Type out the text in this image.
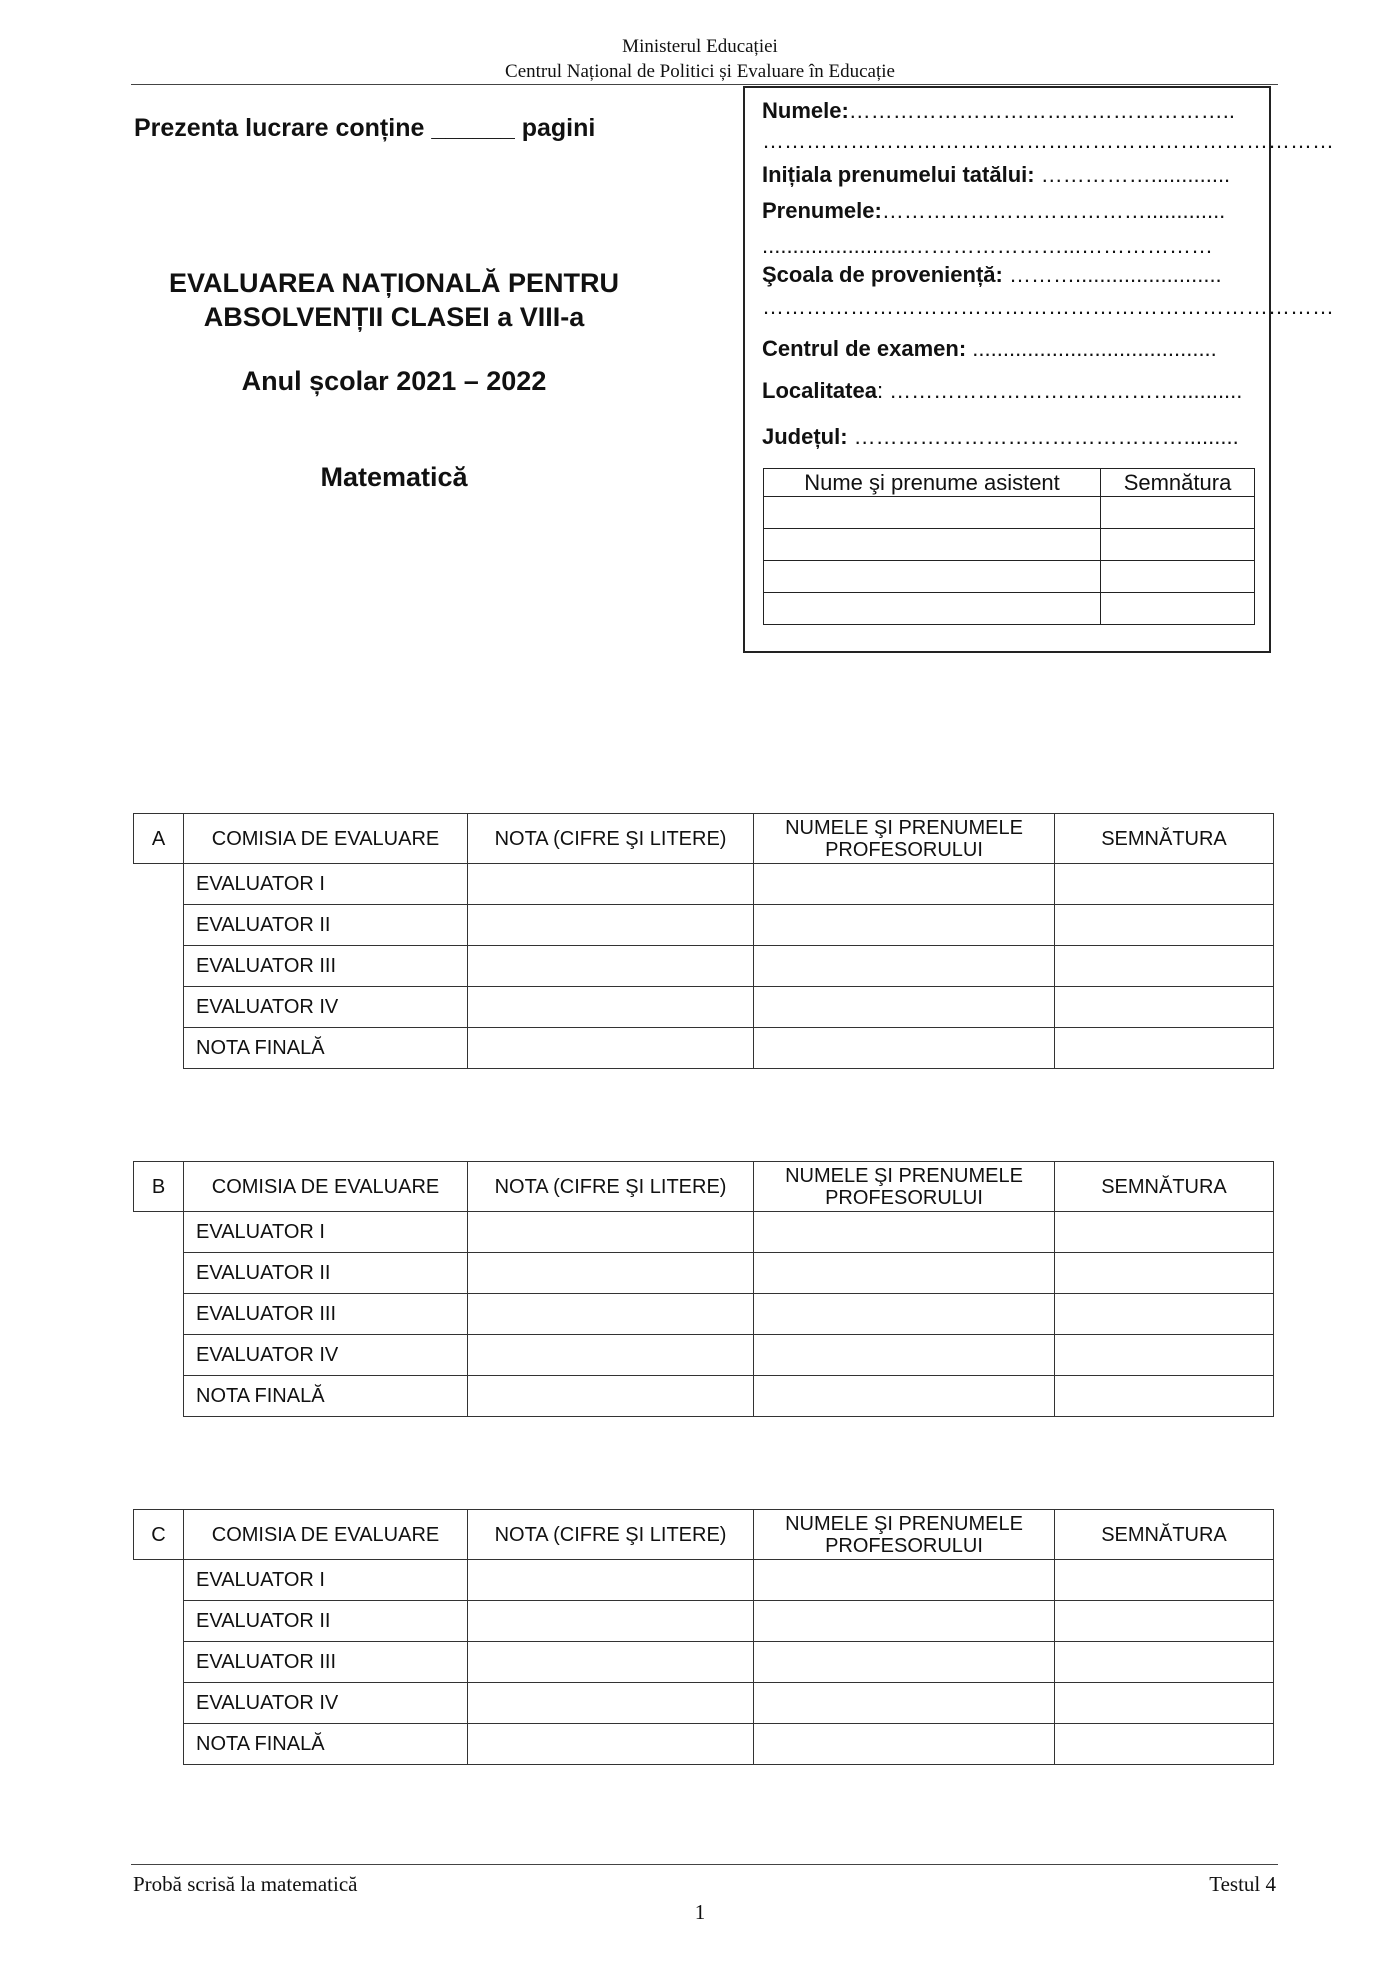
Ministerul Educației
Centrul Național de Politici și Evaluare în Educație
Prezenta lucrare conține ______ pagini
EVALUAREA NAȚIONALĂ PENTRU
ABSOLVENȚII CLASEI a VIII-a
Anul școlar 2021 – 2022
Matematică
Numele:……………………………………………..
……………………………………………………………………
Inițiala prenumelui tatălui: …………….............
Prenumele:……………………………….............
........................…………………...………………
Şcoala de proveniență: ………........................
……………………………………………………………………
Centrul de examen: ........................................
Localitatea: …………………………………...........
Județul: ……………………………………….........
Nume şi prenume asistent	Semnătura

A	COMISIA DE EVALUARE	NOTA (CIFRE ŞI LITERE)	NUMELE ŞI PRENUMELE PROFESORULUI	SEMNĂTURA
	EVALUATOR I			
	EVALUATOR II			
	EVALUATOR III			
	EVALUATOR IV			
	NOTA FINALĂ			
B	COMISIA DE EVALUARE	NOTA (CIFRE ŞI LITERE)	NUMELE ŞI PRENUMELE PROFESORULUI	SEMNĂTURA
	EVALUATOR I			
	EVALUATOR II			
	EVALUATOR III			
	EVALUATOR IV			
	NOTA FINALĂ			
C	COMISIA DE EVALUARE	NOTA (CIFRE ŞI LITERE)	NUMELE ŞI PRENUMELE PROFESORULUI	SEMNĂTURA
	EVALUATOR I			
	EVALUATOR II			
	EVALUATOR III			
	EVALUATOR IV			
	NOTA FINALĂ			
Probă scrisă la matematică	Testul 4
1
